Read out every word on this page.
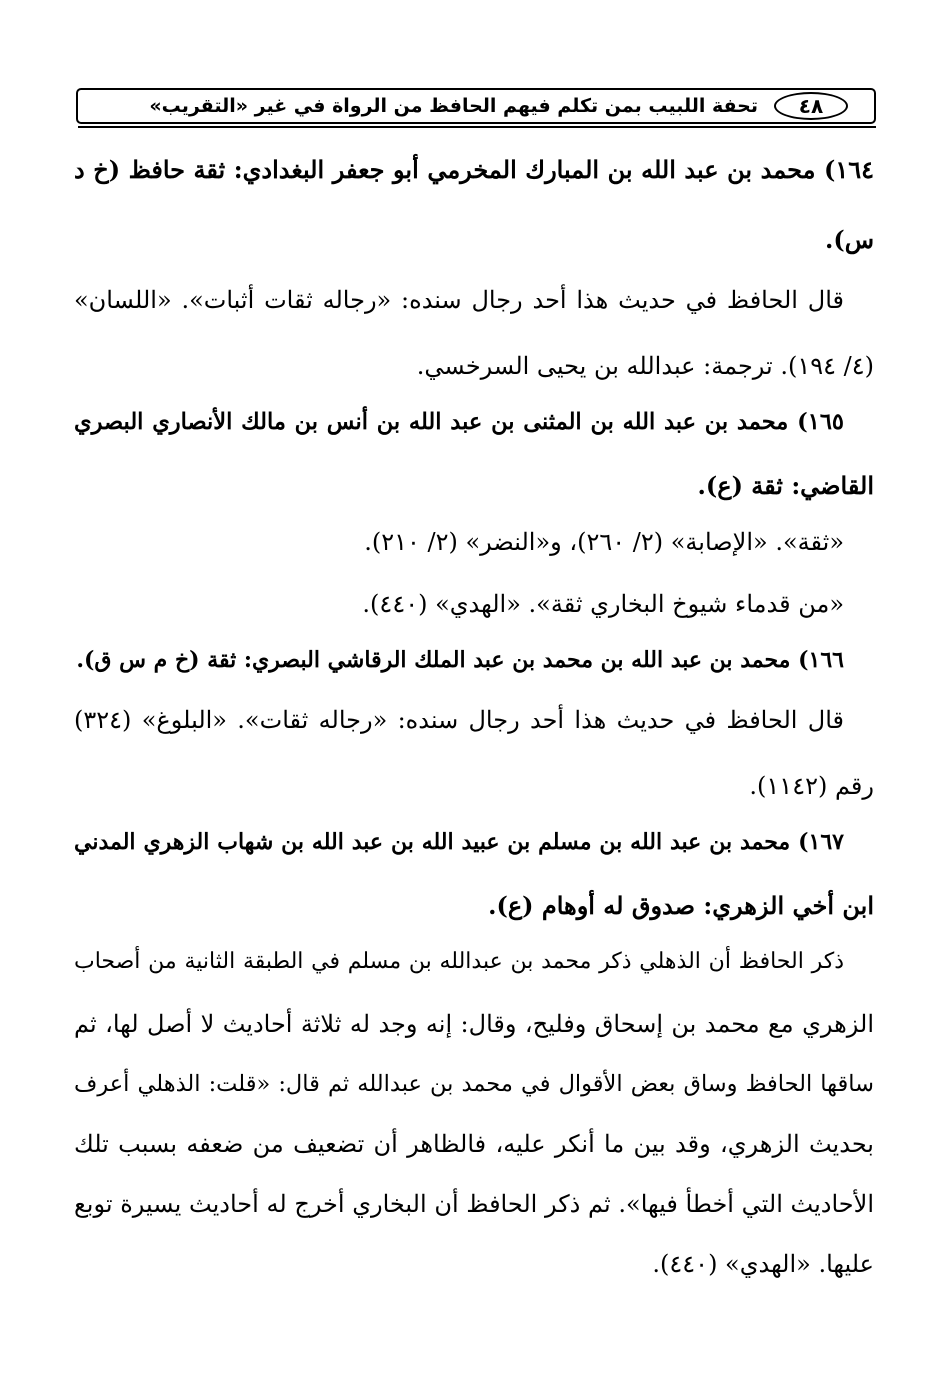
٤٨
تحفة اللبيب بمن تكلم فيهم الحافظ من الرواة في غير «التقريب»
١٦٤) محمد بن عبد الله بن المبارك المخرمي أبو جعفر البغدادي: ثقة حافظ (خ د
س).
قال الحافظ في حديث هذا أحد رجال سنده: «رجاله ثقات أثبات». «اللسان»
(٤/ ١٩٤). ترجمة: عبدالله بن يحيى السرخسي.
١٦٥) محمد بن عبد الله بن المثنى بن عبد الله بن أنس بن مالك الأنصاري البصري
القاضي: ثقة (ع).
«ثقة». «الإصابة» (٢/ ٢٦٠)، و«النضر» (٢/ ٢١٠).
«من قدماء شيوخ البخاري ثقة». «الهدي» (٤٤٠).
١٦٦) محمد بن عبد الله بن محمد بن عبد الملك الرقاشي البصري: ثقة (خ م س ق).
قال الحافظ في حديث هذا أحد رجال سنده: «رجاله ثقات». «البلوغ» (٣٢٤)
رقم (١١٤٢).
١٦٧) محمد بن عبد الله بن مسلم بن عبيد الله بن عبد الله بن شهاب الزهري المدني
ابن أخي الزهري: صدوق له أوهام (ع).
ذكر الحافظ أن الذهلي ذكر محمد بن عبدالله بن مسلم في الطبقة الثانية من أصحاب
الزهري مع محمد بن إسحاق وفليح، وقال: إنه وجد له ثلاثة أحاديث لا أصل لها، ثم
ساقها الحافظ وساق بعض الأقوال في محمد بن عبدالله ثم قال: «قلت: الذهلي أعرف
بحديث الزهري، وقد بين ما أنكر عليه، فالظاهر أن تضعيف من ضعفه بسبب تلك
الأحاديث التي أخطأ فيها». ثم ذكر الحافظ أن البخاري أخرج له أحاديث يسيرة توبع
عليها. «الهدي» (٤٤٠).
